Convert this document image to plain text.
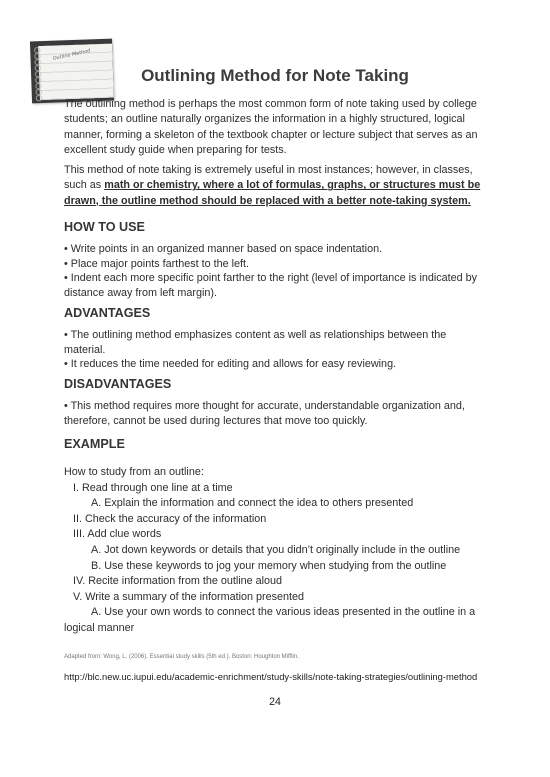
Outline Method
Outlining Method for Note Taking

The outlining method is perhaps the most common form of note taking used by college students; an outline naturally organizes the information in a highly structured, logical manner, forming a skeleton of the textbook chapter or lecture subject that serves as an excellent study guide when preparing for tests.

This method of note taking is extremely useful in most instances; however, in classes, such as math or chemistry, where a lot of formulas, graphs, or structures must be drawn, the outline method should be replaced with a better note-taking system.

HOW TO USE
• Write points in an organized manner based on space indentation.
• Place major points farthest to the left.
• Indent each more specific point farther to the right (level of importance is indicated by distance away from left margin).
ADVANTAGES
• The outlining method emphasizes content as well as relationships between the material.
• It reduces the time needed for editing and allows for easy reviewing.
DISADVANTAGES
• This method requires more thought for accurate, understandable organization and, therefore, cannot be used during lectures that move too quickly.
EXAMPLE
How to study from an outline:
I. Read through one line at a time
A. Explain the information and connect the idea to others presented
II. Check the accuracy of the information
III. Add clue words
A. Jot down keywords or details that you didn’t originally include in the outline
B. Use these keywords to jog your memory when studying from the outline
IV. Recite information from the outline aloud
V. Write a summary of the information presented
A. Use your own words to connect the various ideas presented in the outline in a
logical manner
Adapted from: Wong, L. (2006). Essential study skills (5th ed.). Boston: Houghton Mifflin.
http://blc.new.uc.iupui.edu/academic-enrichment/study-skills/note-taking-strategies/outlining-method
24
